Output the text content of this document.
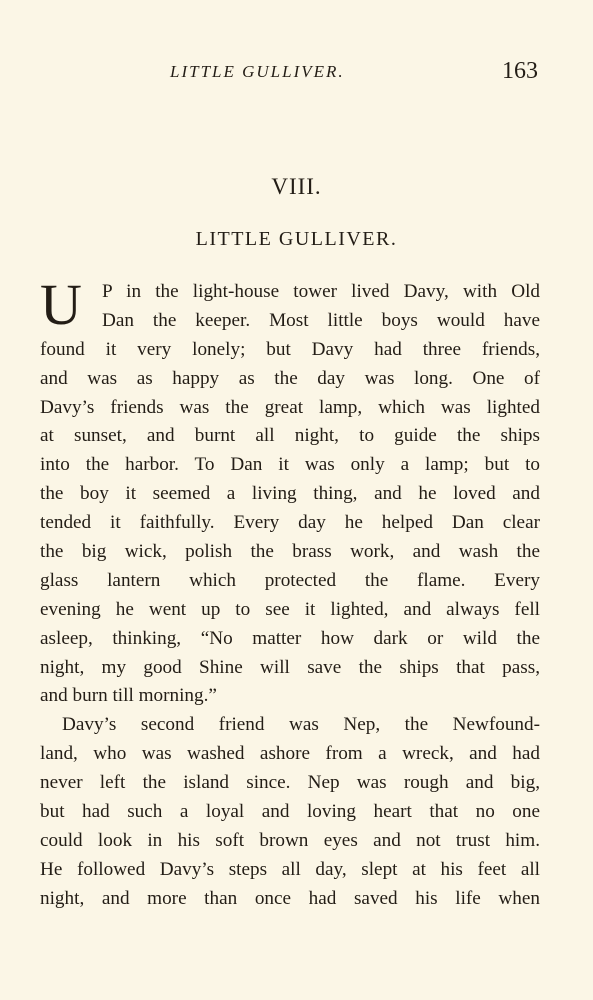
LITTLE GULLIVER.	163
VIII.
LITTLE GULLIVER.
U	P in the light-house tower lived Davy, with Old
Dan the keeper. Most little boys would have
found it very lonely; but Davy had three friends,
and was as happy as the day was long. One of
Davy’s friends was the great lamp, which was lighted
at sunset, and burnt all night, to guide the ships
into the harbor. To Dan it was only a lamp; but to
the boy it seemed a living thing, and he loved and
tended it faithfully. Every day he helped Dan clear
the big wick, polish the brass work, and wash the
glass lantern which protected the flame. Every
evening he went up to see it lighted, and always fell
asleep, thinking, “No matter how dark or wild the
night, my good Shine will save the ships that pass,
and burn till morning.”
Davy’s second friend was Nep, the Newfound-
land, who was washed ashore from a wreck, and had
never left the island since. Nep was rough and big,
but had such a loyal and loving heart that no one
could look in his soft brown eyes and not trust him.
He followed Davy’s steps all day, slept at his feet all
night, and more than once had saved his life when
